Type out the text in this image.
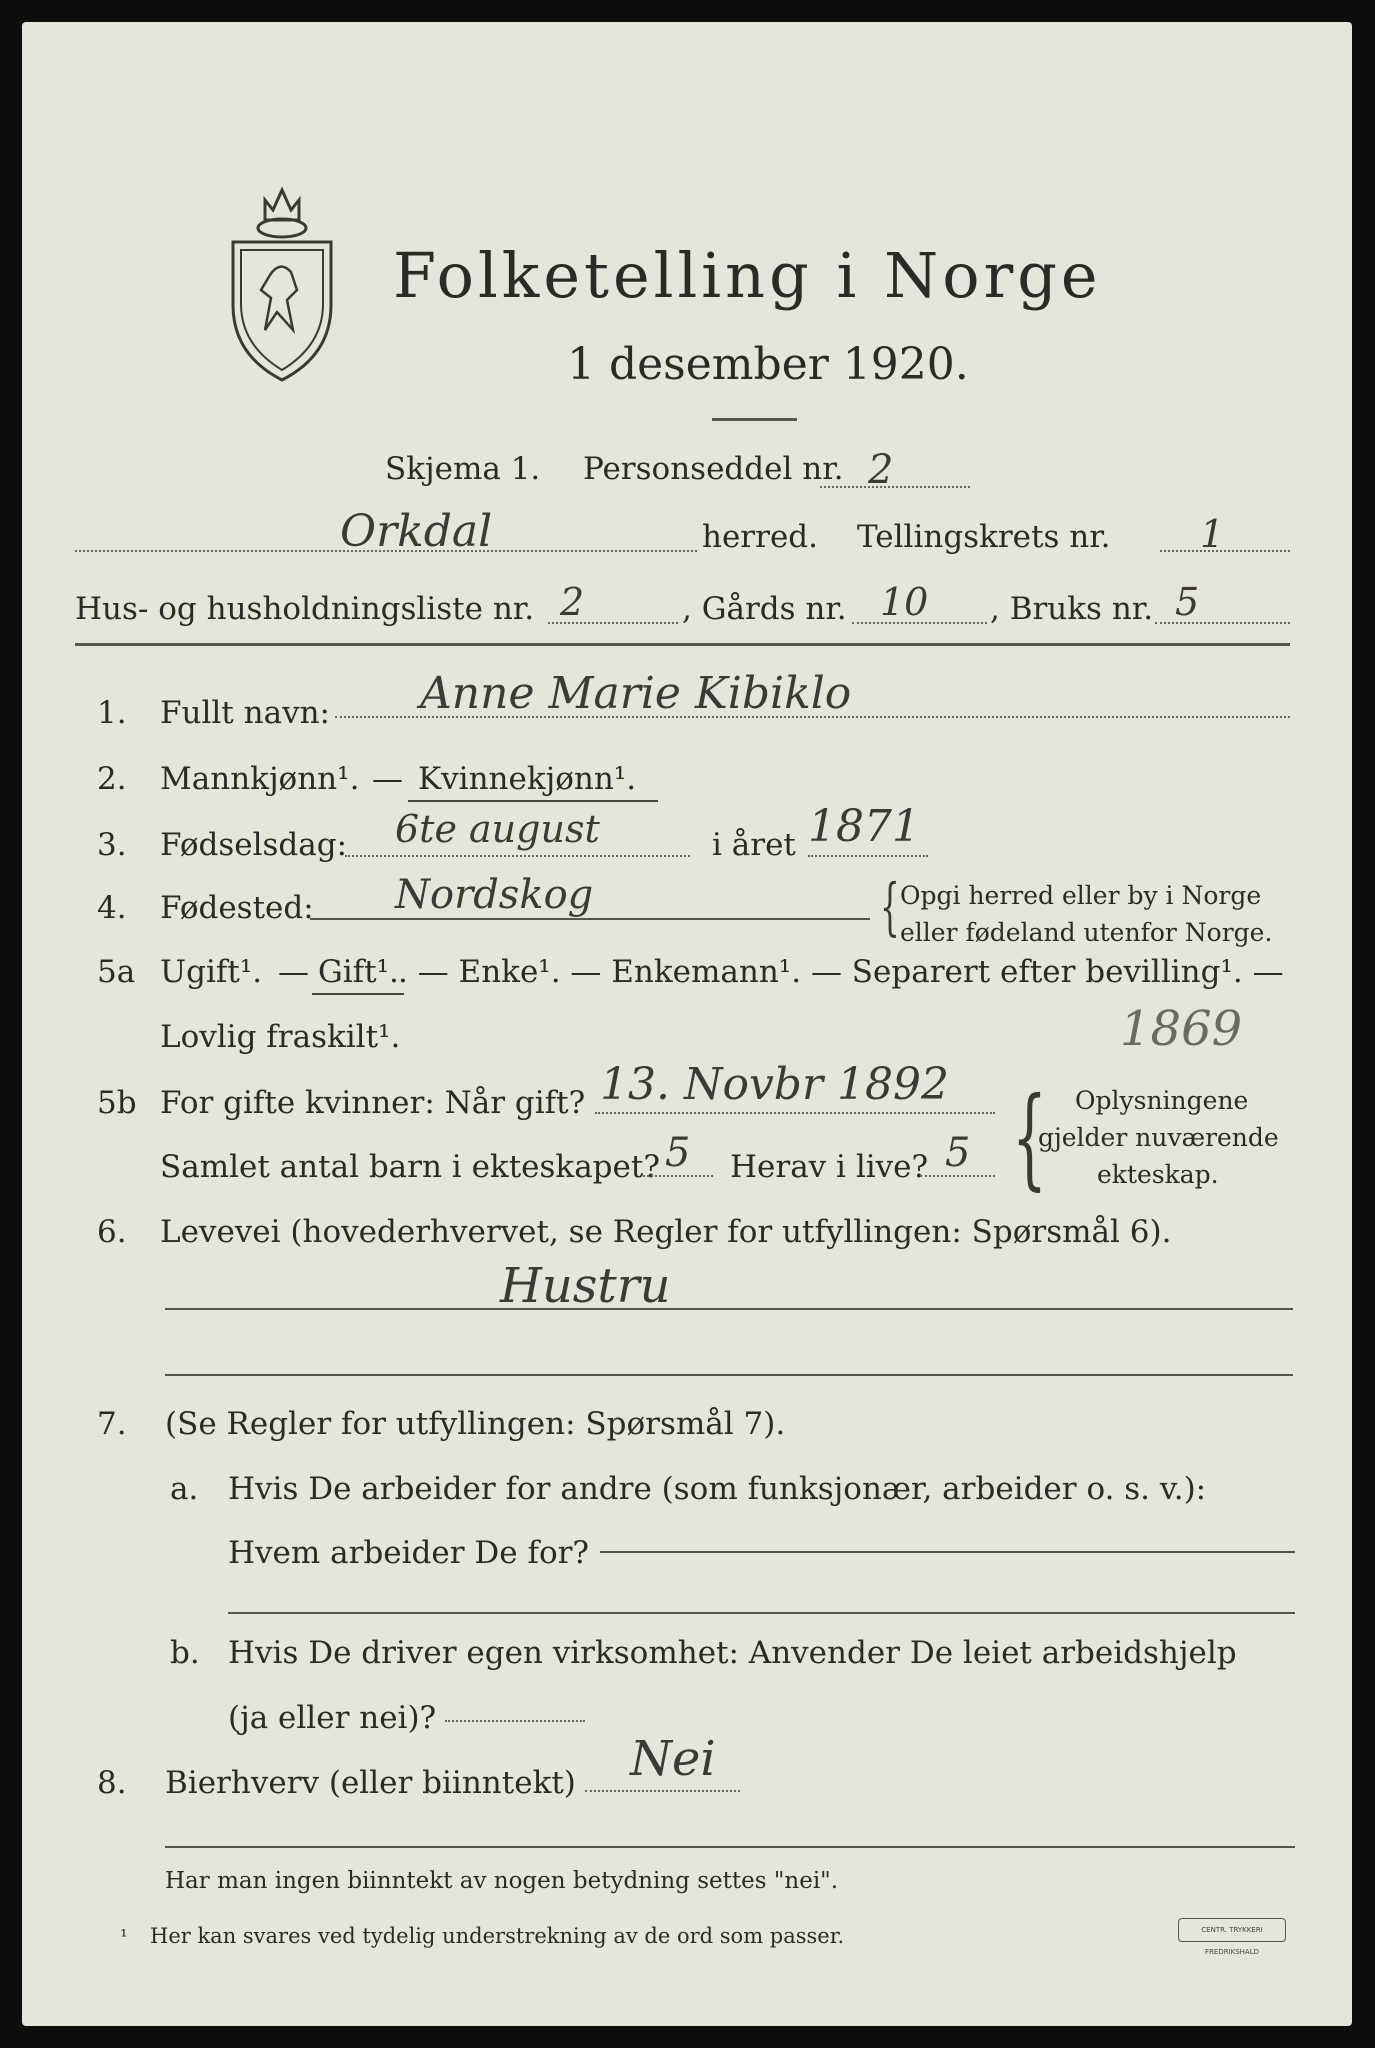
Folketelling i Norge
1 desember 1920.
Skjema 1. Personseddel nr. 2
Orkdal	herred. Tellingskrets nr. 1
Hus- og husholdningsliste nr. 2	, Gårds nr. 10 , Bruks nr. 5
1. Fullt navn: Anne Marie Kibiklo
2. Mannkjønn¹. — Kvinnekjønn¹.
3. Fødselsdag: 6te august	i året 1871
4. Fødested: Nordskog	{ Opgi herred eller by i Norge
eller fødeland utenfor Norge.
5a Ugift¹. — Gift¹. . — Enke¹. — Enkemann¹. — Separert efter bevilling¹. —
Lovlig fraskilt¹.	1869
5b For gifte kvinner: Når gift? 13. Novbr 1892
Samlet antal barn i ekteskapet? 5 Herav i live? 5 { Oplysningene
gjelder nuværende
ekteskap.
6. Levevei (hovederhvervet, se Regler for utfyllingen: Spørsmål 6).
Hustru
7. (Se Regler for utfyllingen: Spørsmål 7).
a. Hvis De arbeider for andre (som funksjonær, arbeider o. s. v.):
Hvem arbeider De for?
b. Hvis De driver egen virksomhet: Anvender De leiet arbeidshjelp
(ja eller nei)?
8. Bierhverv (eller biinntekt) Nei
Har man ingen biinntekt av nogen betydning settes "nei".
¹ Her kan svares ved tydelig understrekning av de ord som passer.	CENTR. TRYKKERI FREDRIKSHALD
